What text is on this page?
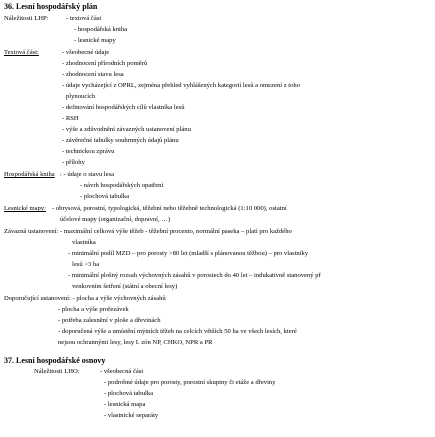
36. Lesní hospodářský plán
Náležitosti LHP:	- textová část
- hospodářská kniha
- lesnické mapy
Textová část:	- všeobecné údaje
- zhodnocení přírodních poměrů
- zhodnocení stavu lesa
- údaje vycházející z OPRL, zejména přehled vyhlášených kategorií lesů a omezení z toho
plynoucích
- definování hospodářských cílů vlastníka lesů
- RSH
- výše a zdůvodnění závazných ustanovení plánu
- závěrečné tabulky souhrnných údajů plánu
- technickou zprávu
- přílohy
Hospodářská kniha : - údaje o stavu lesa
- návrh hospodářských opatření
- plochová tabulka
Lesnické mapy: - obrysová, porostní, typologická, těžební nebo těžebně technologická (1:10 000), ostatní
účelové mapy (organizační, dopravní, …)
Závazná ustanovení: - maximální celková výše těžeb - těžební procento, normální paseka – platí pro každého
vlastníka
- minimální podíl MZD – pro porosty >80 let (mladší s plánovanou těžbou) – pro vlastníky
lesů >3 ha
- minimální plošný rozsah výchovných zásahů v porostech do 40 let – indukativně stanovený př
venkovním šetření (státní a obecní lesy)
Doporučující ustanovení: - plocha a výše výchovných zásahů
- plocha a výše prořezávek
- potřeba zalesnění v ploše a dřevinách
- doporučená výše a umístění mýtních těžeb na celcích větších 50 ha ve všech lesích, které
nejsou ochrannými lesy, lesy I. zón NP, CHKO, NPR a PR
37. Lesní hospodářské osnovy
Náležitosti LHO:	- všeobecná část
- podrobné údaje pro porosty, porostní skupiny či etáže a dřeviny
- plochová tabulka
- lesnická mapa
- vlastnické separáty
